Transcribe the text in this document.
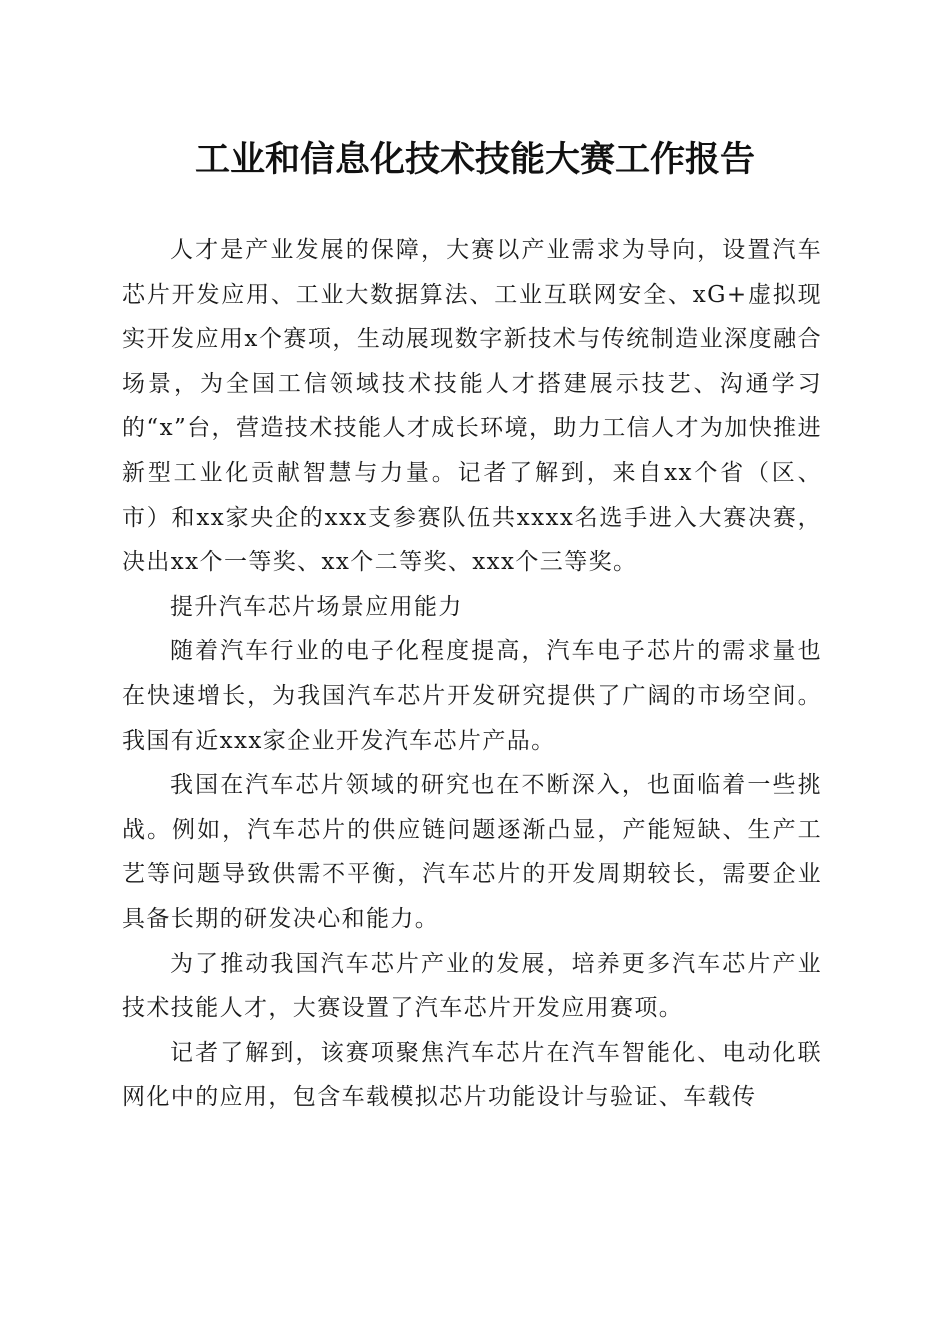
工业和信息化技术技能大赛工作报告

人才是产业发展的保障，大赛以产业需求为导向，设置汽车芯片开发应用、工业大数据算法、工业互联网安全、xG+虚拟现实开发应用x个赛项，生动展现数字新技术与传统制造业深度融合场景，为全国工信领域技术技能人才搭建展示技艺、沟通学习的“x”台，营造技术技能人才成长环境，助力工信人才为加快推进新型工业化贡献智慧与力量。记者了解到，来自xx个省（区、市）和xx家央企的xxx支参赛队伍共xxxx名选手进入大赛决赛，决出xx个一等奖、xx个二等奖、xxx个三等奖。

提升汽车芯片场景应用能力

随着汽车行业的电子化程度提高，汽车电子芯片的需求量也在快速增长，为我国汽车芯片开发研究提供了广阔的市场空间。我国有近xxx家企业开发汽车芯片产品。

我国在汽车芯片领域的研究也在不断深入，也面临着一些挑战。例如，汽车芯片的供应链问题逐渐凸显，产能短缺、生产工艺等问题导致供需不平衡，汽车芯片的开发周期较长，需要企业具备长期的研发决心和能力。

为了推动我国汽车芯片产业的发展，培养更多汽车芯片产业技术技能人才，大赛设置了汽车芯片开发应用赛项。

记者了解到，该赛项聚焦汽车芯片在汽车智能化、电动化联网化中的应用，包含车载模拟芯片功能设计与验证、车载传
